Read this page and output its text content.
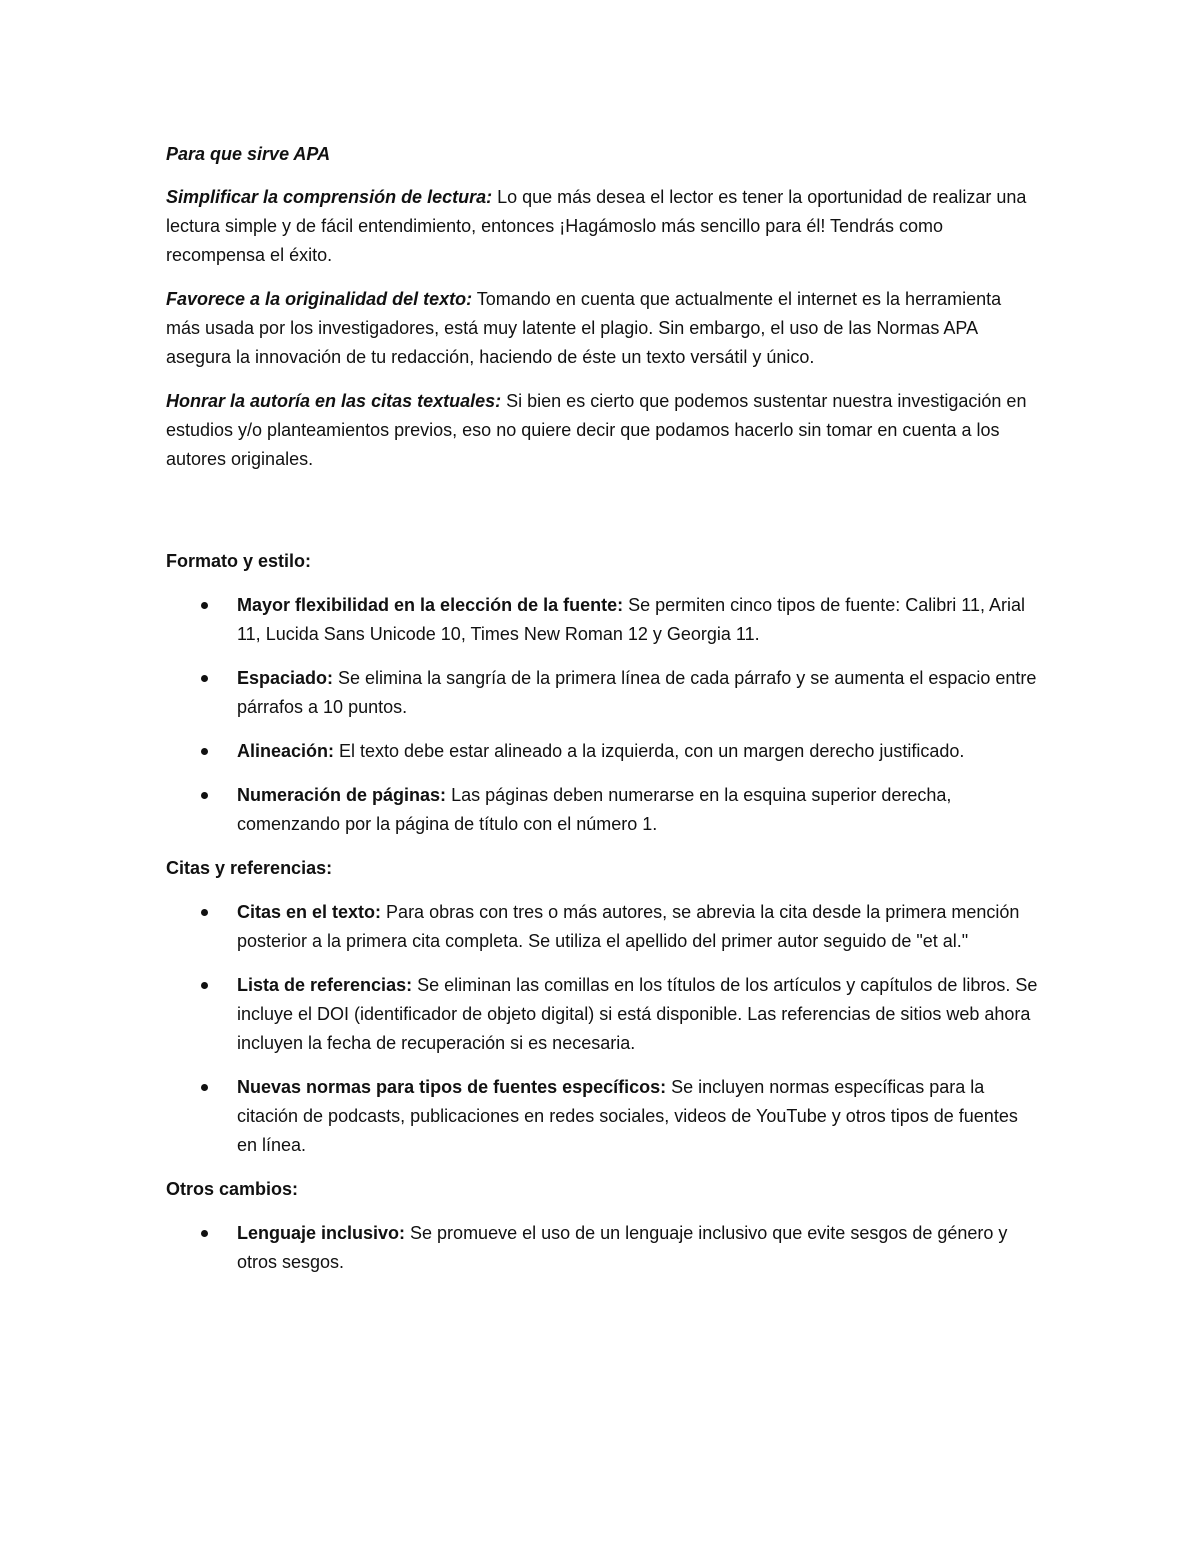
Para que sirve APA

Simplificar la comprensión de lectura: Lo que más desea el lector es tener la oportunidad de realizar una lectura simple y de fácil entendimiento, entonces ¡Hagámoslo más sencillo para él! Tendrás como recompensa el éxito.

Favorece a la originalidad del texto: Tomando en cuenta que actualmente el internet es la herramienta más usada por los investigadores, está muy latente el plagio. Sin embargo, el uso de las Normas APA asegura la innovación de tu redacción, haciendo de éste un texto versátil y único.

Honrar la autoría en las citas textuales: Si bien es cierto que podemos sustentar nuestra investigación en estudios y/o planteamientos previos, eso no quiere decir que podamos hacerlo sin tomar en cuenta a los autores originales.

Formato y estilo:

Mayor flexibilidad en la elección de la fuente: Se permiten cinco tipos de fuente: Calibri 11, Arial 11, Lucida Sans Unicode 10, Times New Roman 12 y Georgia 11.
Espaciado: Se elimina la sangría de la primera línea de cada párrafo y se aumenta el espacio entre párrafos a 10 puntos.
Alineación: El texto debe estar alineado a la izquierda, con un margen derecho justificado.
Numeración de páginas: Las páginas deben numerarse en la esquina superior derecha, comenzando por la página de título con el número 1.

Citas y referencias:

Citas en el texto: Para obras con tres o más autores, se abrevia la cita desde la primera mención posterior a la primera cita completa. Se utiliza el apellido del primer autor seguido de "et al."
Lista de referencias: Se eliminan las comillas en los títulos de los artículos y capítulos de libros. Se incluye el DOI (identificador de objeto digital) si está disponible. Las referencias de sitios web ahora incluyen la fecha de recuperación si es necesaria.
Nuevas normas para tipos de fuentes específicos: Se incluyen normas específicas para la citación de podcasts, publicaciones en redes sociales, videos de YouTube y otros tipos de fuentes en línea.

Otros cambios:

Lenguaje inclusivo: Se promueve el uso de un lenguaje inclusivo que evite sesgos de género y otros sesgos.
